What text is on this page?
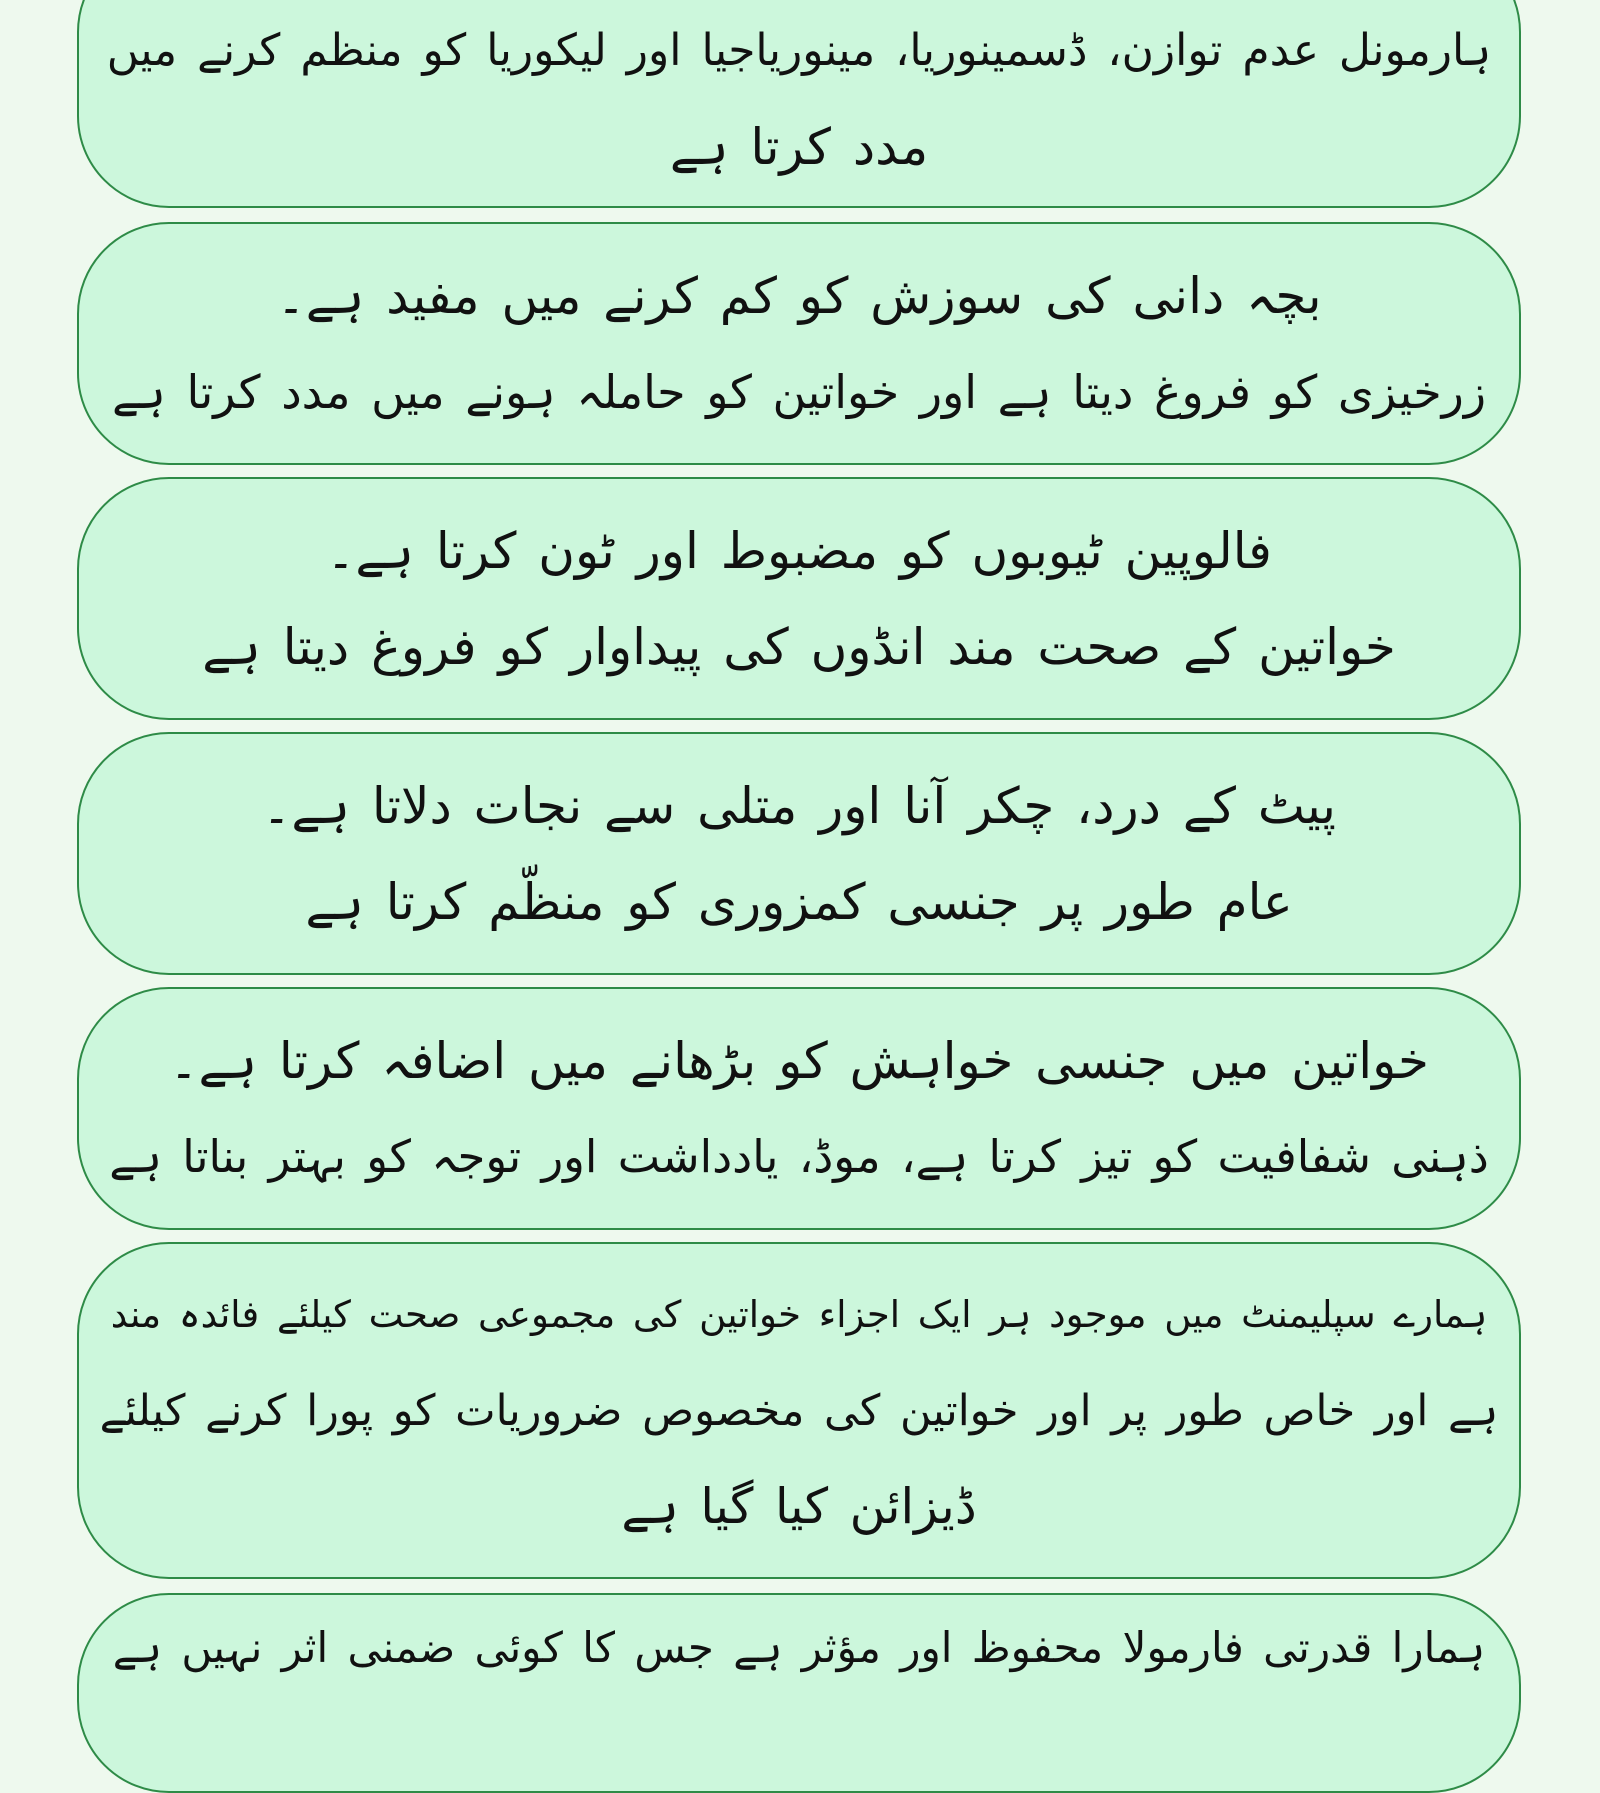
ہارمونل عدم توازن، ڈسمینوریا، مینوریاجیا اور لیکوریا کو منظم کرنے میں
مدد کرتا ہے
بچہ دانی کی سوزش کو کم کرنے میں مفید ہے۔
زرخیزی کو فروغ دیتا ہے اور خواتین کو حاملہ ہونے میں مدد کرتا ہے
فالوپین ٹیوبوں کو مضبوط اور ٹون کرتا ہے۔
خواتین کے صحت مند انڈوں کی پیداوار کو فروغ دیتا ہے
پیٹ کے درد، چکر آنا اور متلی سے نجات دلاتا ہے۔
عام طور پر جنسی کمزوری کو منظّم کرتا ہے
خواتین میں جنسی خواہش کو بڑھانے میں اضافہ کرتا ہے۔
ذہنی شفافیت کو تیز کرتا ہے، موڈ، یادداشت اور توجہ کو بہتر بناتا ہے
ہمارے سپلیمنٹ میں موجود ہر ایک اجزاء خواتین کی مجموعی صحت کیلئے فائدہ مند
ہے اور خاص طور پر اور خواتین کی مخصوص ضروریات کو پورا کرنے کیلئے
ڈیزائن کیا گیا ہے
ہمارا قدرتی فارمولا محفوظ اور مؤثر ہے جس کا کوئی ضمنی اثر نہیں ہے
